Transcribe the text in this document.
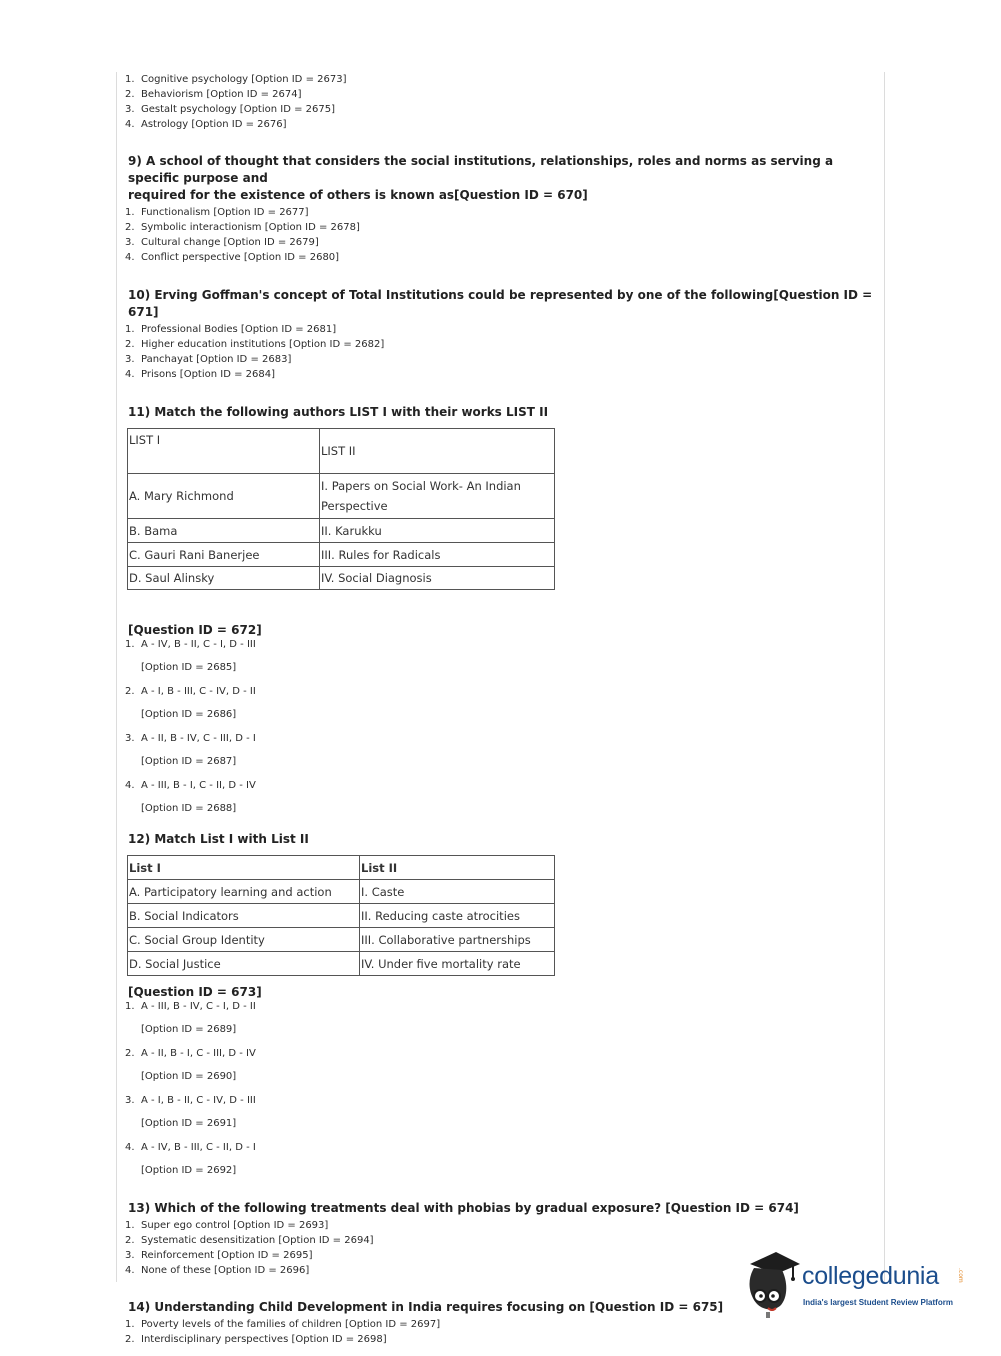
1. Cognitive psychology [Option ID = 2673]
2. Behaviorism [Option ID = 2674]
3. Gestalt psychology [Option ID = 2675]
4. Astrology [Option ID = 2676]
9) A school of thought that considers the social institutions, relationships, roles and norms as serving a specific purpose and
required for the existence of others is known as[Question ID = 670]
1. Functionalism [Option ID = 2677]
2. Symbolic interactionism [Option ID = 2678]
3. Cultural change [Option ID = 2679]
4. Conflict perspective [Option ID = 2680]
10) Erving Goffman's concept of Total Institutions could be represented by one of the following[Question ID = 671]
1. Professional Bodies [Option ID = 2681]
2. Higher education institutions [Option ID = 2682]
3. Panchayat [Option ID = 2683]
4. Prisons [Option ID = 2684]
11) Match the following authors LIST I with their works LIST II
LIST I	LIST II
A. Mary Richmond	I. Papers on Social Work- An Indian
Perspective

B. Bama	II. Karukku
C. Gauri Rani Banerjee	III. Rules for Radicals
D. Saul Alinsky	IV. Social Diagnosis
[Question ID = 672]
1. A - IV, B - II, C - I, D - III
[Option ID = 2685]
2. A - I, B - III, C - IV, D - II
[Option ID = 2686]
3. A - II, B - IV, C - III, D - I
[Option ID = 2687]
4. A - III, B - I, C - II, D - IV
[Option ID = 2688]
12) Match List I with List II
List I	List II
A. Participatory learning and action	I. Caste
B. Social Indicators	II. Reducing caste atrocities
C. Social Group Identity	III. Collaborative partnerships
D. Social Justice	IV. Under five mortality rate
[Question ID = 673]
1. A - III, B - IV, C - I, D - II
[Option ID = 2689]
2. A - II, B - I, C - III, D - IV
[Option ID = 2690]
3. A - I, B - II, C - IV, D - III
[Option ID = 2691]
4. A - IV, B - III, C - II, D - I
[Option ID = 2692]
13) Which of the following treatments deal with phobias by gradual exposure? [Question ID = 674]
1. Super ego control [Option ID = 2693]
2. Systematic desensitization [Option ID = 2694]
3. Reinforcement [Option ID = 2695]
4. None of these [Option ID = 2696]
14) Understanding Child Development in India requires focusing on [Question ID = 675]
1. Poverty levels of the families of children [Option ID = 2697]
2. Interdisciplinary perspectives [Option ID = 2698]
collegedunia	.com
India's largest Student Review Platform
